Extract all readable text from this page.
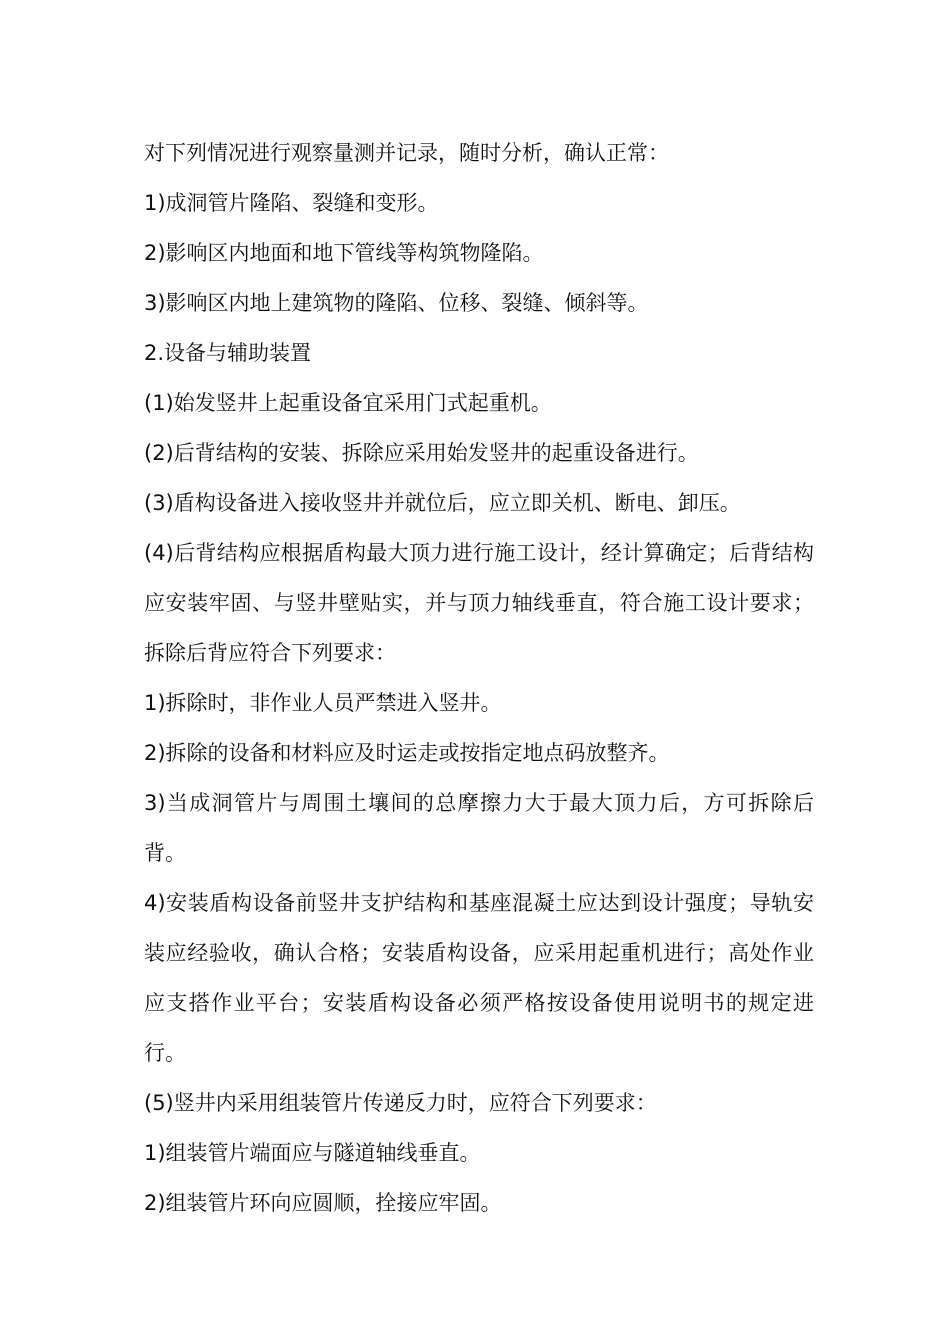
对下列情况进行观察量测并记录，随时分析，确认正常：

1)成洞管片隆陷、裂缝和变形。

2)影响区内地面和地下管线等构筑物隆陷。

3)影响区内地上建筑物的隆陷、位移、裂缝、倾斜等。

2.设备与辅助装置

(1)始发竖井上起重设备宜采用门式起重机。

(2)后背结构的安装、拆除应采用始发竖井的起重设备进行。

(3)盾构设备进入接收竖井并就位后，应立即关机、断电、卸压。

(4)后背结构应根据盾构最大顶力进行施工设计，经计算确定；后背结构应安装牢固、与竖井壁贴实，并与顶力轴线垂直，符合施工设计要求；拆除后背应符合下列要求：

1)拆除时，非作业人员严禁进入竖井。

2)拆除的设备和材料应及时运走或按指定地点码放整齐。

3)当成洞管片与周围土壤间的总摩擦力大于最大顶力后，方可拆除后背。

4)安装盾构设备前竖井支护结构和基座混凝土应达到设计强度；导轨安装应经验收，确认合格；安装盾构设备，应采用起重机进行；高处作业应支搭作业平台；安装盾构设备必须严格按设备使用说明书的规定进行。

(5)竖井内采用组装管片传递反力时，应符合下列要求：

1)组装管片端面应与隧道轴线垂直。

2)组装管片环向应圆顺，拴接应牢固。
